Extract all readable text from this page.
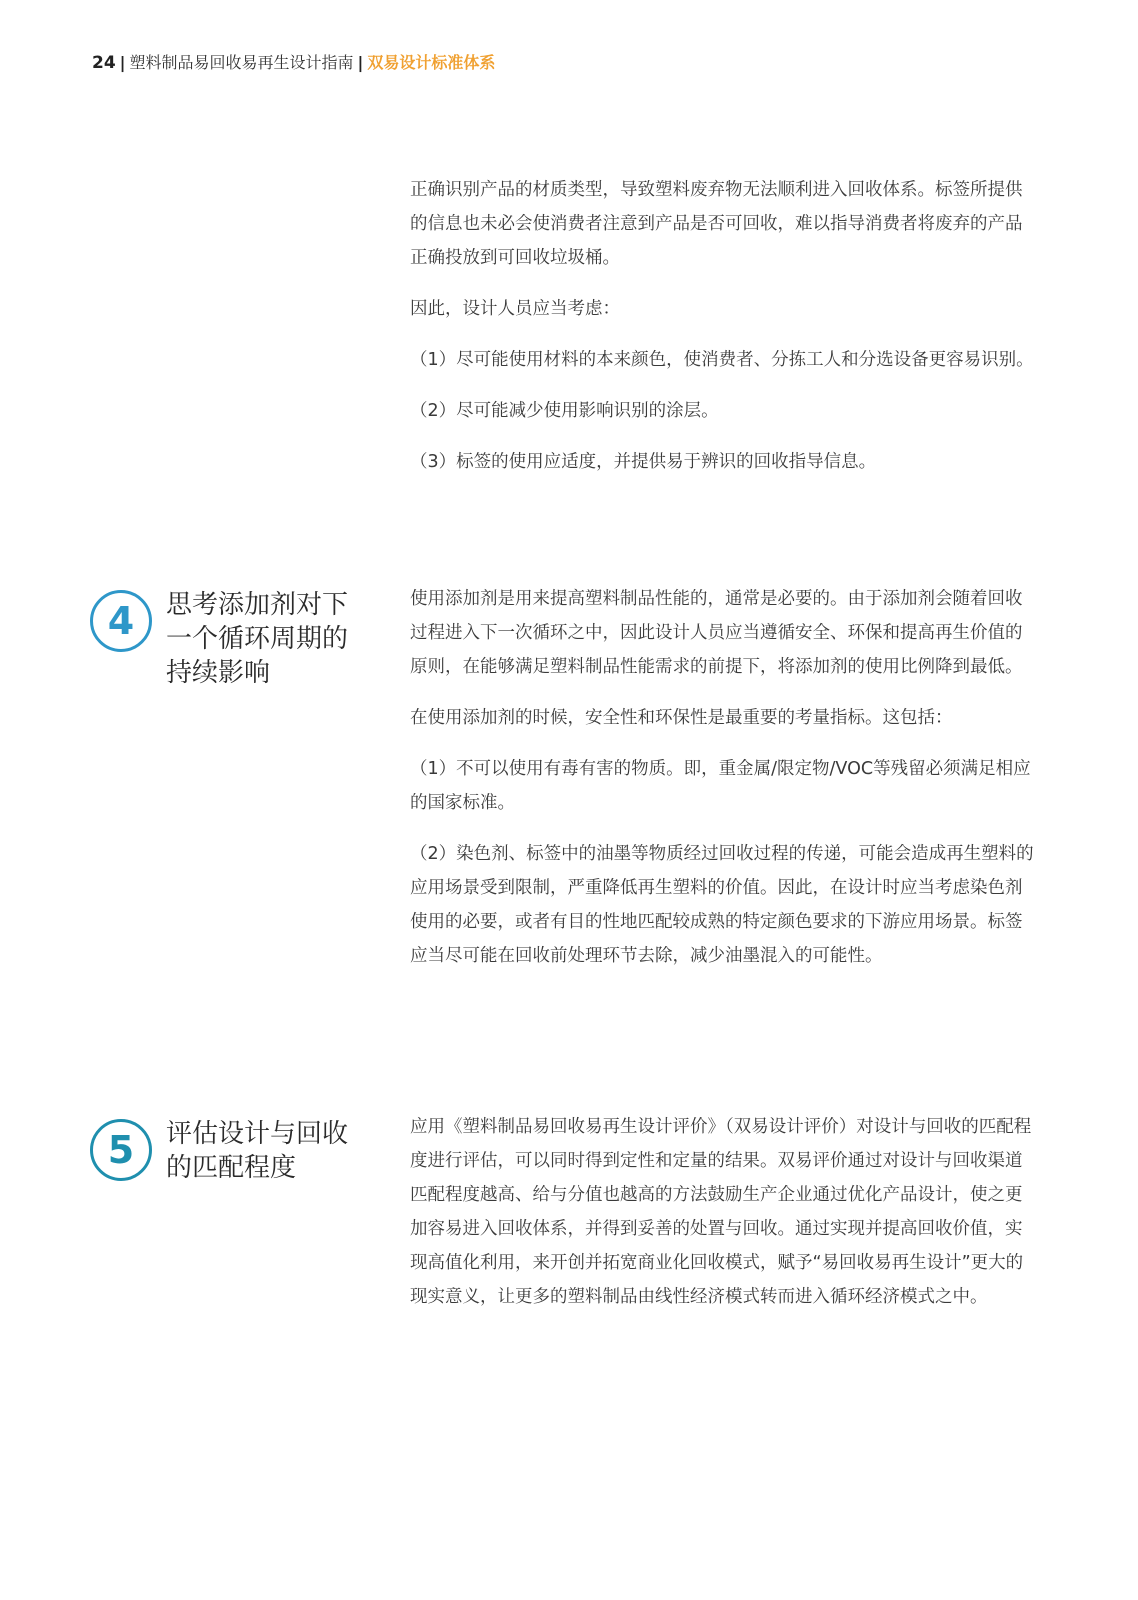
24 | 塑料制品易回收易再生设计指南 | 双易设计标准体系

正确识别产品的材质类型，导致塑料废弃物无法顺利进入回收体系。标签所提供的信息也未必会使消费者注意到产品是否可回收，难以指导消费者将废弃的产品正确投放到可回收垃圾桶。

因此，设计人员应当考虑：

（1）尽可能使用材料的本来颜色，使消费者、分拣工人和分选设备更容易识别。

（2）尽可能减少使用影响识别的涂层。

（3）标签的使用应适度，并提供易于辨识的回收指导信息。

4 思考添加剂对下一个循环周期的持续影响

使用添加剂是用来提高塑料制品性能的，通常是必要的。由于添加剂会随着回收过程进入下一次循环之中，因此设计人员应当遵循安全、环保和提高再生价值的原则，在能够满足塑料制品性能需求的前提下，将添加剂的使用比例降到最低。

在使用添加剂的时候，安全性和环保性是最重要的考量指标。这包括：

（1）不可以使用有毒有害的物质。即，重金属/限定物/VOC等残留必须满足相应的国家标准。

（2）染色剂、标签中的油墨等物质经过回收过程的传递，可能会造成再生塑料的应用场景受到限制，严重降低再生塑料的价值。因此，在设计时应当考虑染色剂使用的必要，或者有目的性地匹配较成熟的特定颜色要求的下游应用场景。标签应当尽可能在回收前处理环节去除，减少油墨混入的可能性。

5 评估设计与回收的匹配程度

应用《塑料制品易回收易再生设计评价》（双易设计评价）对设计与回收的匹配程度进行评估，可以同时得到定性和定量的结果。双易评价通过对设计与回收渠道匹配程度越高、给与分值也越高的方法鼓励生产企业通过优化产品设计，使之更加容易进入回收体系，并得到妥善的处置与回收。通过实现并提高回收价值，实现高值化利用，来开创并拓宽商业化回收模式，赋予“易回收易再生设计”更大的现实意义，让更多的塑料制品由线性经济模式转而进入循环经济模式之中。
